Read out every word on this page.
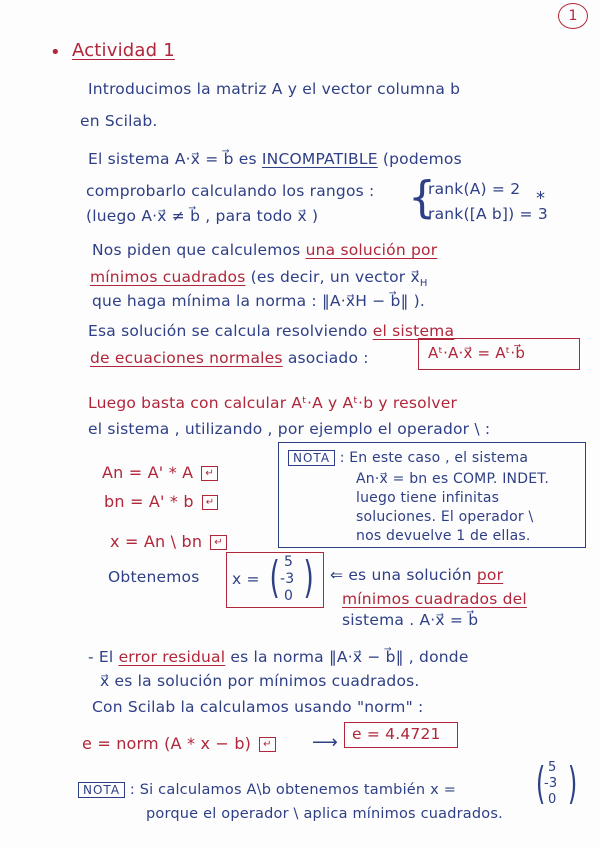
1
• Actividad 1
Introducimos la matriz A y el vector columna b
en Scilab.
El sistema A·x⃗ = b⃗ es INCOMPATIBLE (podemos
comprobarlo calculando los rangos :
(luego A·x⃗ ≠ b⃗ , para todo x⃗ ) {
rank(A) = 2 *
rank([A b]) = 3
Nos piden que calculemos una solución por
mínimos cuadrados (es decir, un vector $x⃗_H$
que haga mínima la norma : ‖A·x⃗H − b⃗‖ ).
Esa solución se calcula resolviendo el sistema
de ecuaciones normales asociado :	Aᵗ·A·x⃗ = Aᵗ·b⃗
Luego basta con calcular Aᵗ·A y Aᵗ·b y resolver
el sistema , utilizando , por ejemplo el operador \ :
An = A' * A ↵
bn = A' * b ↵
x = An \ bn ↵
NOTA : En este caso , el sistema
An·x⃗ = bn es COMP. INDET.
luego tiene infinitas
soluciones. El operador \
nos devuelve 1 de ellas.
Obtenemos x = ( )
5
-3
0
⇐ es una solución por
mínimos cuadrados del
sistema . A·x⃗ = b⃗
- El error residual es la norma ‖A·x⃗ − b⃗‖ , donde
x⃗ es la solución por mínimos cuadrados.
Con Scilab la calculamos usando "norm" :
e = norm (A * x − b) ↵ ⟶ e = 4.4721
NOTA : Si calculamos A\b obtenemos también x = ( )
5
-3
0
porque el operador \ aplica mínimos cuadrados.
